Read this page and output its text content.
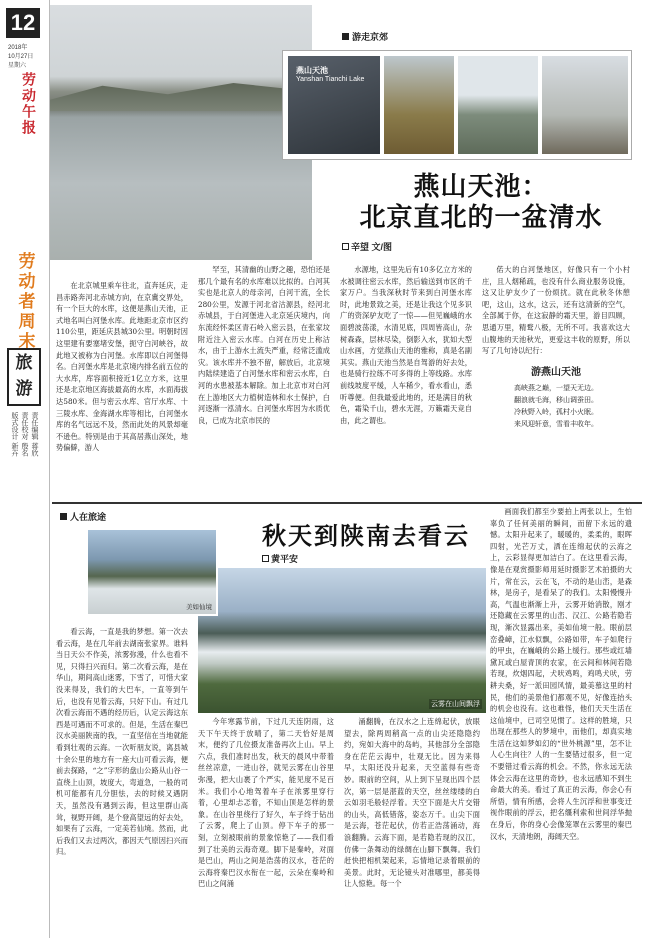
12
2018年
10月27日
星期六
劳动午报
劳动者周末
旅游
版式设计 新卉 责任校对 殷名 责任编辑 蒋欣
游走京郊
燕山天池
Yanshan Tianchi Lake
燕山天池：
北京直北的一盆清水
辛望 文/图

在北京城里乘车往北，直奔延庆，走昌赤路奔河北赤城方向，在京冀交界处，有一个巨大的水库，这便是燕山天池，正式地名叫白河堡水库。此地距北京市区约110公里，距延庆县城30公里。明朝时因这里建有要塞堵安堡，扼守白河峡谷，故此地又被称为白河堡。水库即以白河堡得名。白河堡水库是北京境内排名前五位的大水库，库容面积接近1亿立方米，这里还是北京地区海拔最高的水库，水面海拔达580米。但与密云水库、官厅水库、十三陵水库、金海湖水库等相比，白河堡水库的名气远远不及，然而此处的风景却毫不逊色。特别是由于其高居燕山深处，地势偏僻，游人

罕至，其清幽的山野之趣，恐怕还是那几个最有名的水库难以比拟的。白河其实也是北京人的母亲河，白河干流，全长280公里，发源于河北省沽源县，经河北赤城县，于白河堡进入北京延庆境内，向东流经怀柔区青石岭入密云县，在张家坟附近注入密云水库。白河在历史上称沽水，由于上游水土流失严重，经常泛滥成灾。该水库并不独不留，解放后，北京境内陆续建造了白河堡水库和密云水库，白河的水患被基本解除。加上北京市对白河在上游地区大力植树造林和水土保护，白河逐渐一泓清水。白河堡水库因为水质优良，已成为北京市民的

水源地，这里先后有10多亿立方米的水被调往密云水库，然后输送到市区的千家万户。当我深秋时节来到白河堡水库时，此地景致之美，还是让我这个见多识广的资深驴友吃了一惊——但见巍峨的水面碧波荡漾，水清见底，四周皆高山，杂树森森，层林尽染，倒影入水，犹如大型山水画，方觉燕山天池的雅称，真是名副其实。燕山天池当然是自驾游的好去处，也是骑行拉练不可多得的上等线路。水库前线坡度平缓，人车稀少，看水看山，悉听尊便。但我最爱此地的，还是满目的秋色，霜染千山，碧水无涯，万籁霜天竞自由，此之谓也。

偌大的白河堡地区，好像只有一个小村庄，且人烟稀疏，也没有什么商业服务设施，这又让驴友少了一份烦扰。就在此秋冬休憩吧，这山，这水，这云，还有这清新的空气，全部属于你，在这寂静的霜天里，游目四顾，思通万里，精鹜八极，无所不可。我喜欢这大山腹地的天池秋光，更爱这丰收的原野，所以写了几句诗以纪行：

游燕山天池
高峡燕之巅，一望天无边。
翻浪就毛海，移山调蚕田。
冷秋野入岭，孤村小火眠。
来风迎轩意，雪看丰收年。
人在旅途
秋天到陕南去看云
黄平安
云雾在山间飘浮
美如仙境

看云海，一直是我的梦想。第一次去看云海，是在几年前去湖南张家界。谁料当日天公不作美，浓雾弥漫，什么也看不见，只得扫兴而归。第二次看云海，是在华山，期间高山迷雾，下雪了，可惜大家没来得及，我们的大巴车，一直等到午后，也没有见着云海，只好下山。有过几次看云海而不遇的经历后，认定云海这东西是可遇而不可求的。但是，生活在秦巴汉水美丽陕南的我，一直坚信在当地就能看到壮观的云海。一次听朋友说，离县城十余公里的地方有一座大山可看云海，便前去探路，“之”字形的盘山公路从山谷一直绕上山顶，坡度大，弯道急，一般的司机可能都有几分胆怯，去的时候又遇阴天，虽然没有遇到云海，但这里群山高耸，视野开阔，是个登高望远的好去处，如果有了云海，一定美若仙境。然而，此后我们又去过两次，都因天气原因扫兴而归。

今年寒露节前，下过几天连阴雨，这天下午天终于放晴了，第二天恰好是周末，便约了几位摄友准备再次上山。早上六点，我们准时出发，秋天的晨风中带着丝丝凉意，一进山谷，就见云雾在山谷里弥漫，把大山裹了个严实，能见度不足百米。我们小心地驾着车子在浓雾里穿行着，心里却忐忑着，不知山顶是怎样的景象。在山谷里绕行了好久，车子终于钻出了云雾，爬上了山顶。停下车子的那一刻，立刻被眼前的景象惊艳了——我们看到了壮美的云海奇观。脚下是秦岭，对面是巴山，两山之间是浩荡的汉水，苍茫的云海将秦巴汉水衔在一起，云朵在秦岭和巴山之间涌

涌翻腾，在汉水之上连绵起伏，放眼望去，除两周稍高一点的山尖还隐隐约约，宛如大海中的岛屿，其他部分全部隐身在茫茫云海中，壮观无比。因为来得早，太阳还没升起来，天空蓝得有些奇妙。眼前的空间，从上到下呈现出四个层次，第一层是湛蓝的天空，丝丝缕缕的白云如羽毛般轻浮着。天空下面是大片交错的山头，高低错落，姿态万千。山尖下面是云海，苍茫起伏，仿若正浩荡涌动，海浪翻腾。云海下面，是若隐若现的汉江，仿佛一条舞动的绿绸在山脚下飘舞。我们赶快把相机架起来，忘情地记录着眼前的美景。此时，无论镜头对准哪里，都美得让人惊艳。每一个

画面我们都至少要拍上两张以上，生怕辜负了任何美丽的瞬间，而留下永远的遗憾。太阳升起来了，暖暖的，柔柔的，眼晖四射，光芒万丈，洒在连绵起伏的云海之上，云彩显得更加洁白了。在这里看云海，像是在观赏摄影师用延时摄影艺术拍摄的大片，常在云，云在飞，不动的是山峦，是森林，是房子，是看呆了的我们。太阳慢慢升高，气温也渐渐上升，云雾开始消散，刚才还隐藏在云雾里的山峦、汉江、公路若隐若现，渐次显露出来，美如仙境一般。眼前层峦叠嶂，江水似飘，公路如带，车子如爬行的甲虫，在巍峨的公路上缓行。那些或红墙黛瓦或白屋青顶的农家，在云间和林间若隐若现，炊烟四起，犬吠鸡鸣，鸡鸣犬吠，劳耕夫桑，好一派田园风情，最美慕这里的村民，他们的美景他们都观不见，好像连抬头的机会也没有。这也难怪，他们天天生活在这仙境中，已司空见惯了。这样的胜境，只出现在那些人的梦境中，而他们，却真实地生活在这如梦如幻的“世外桃源”里，怎不让人心生向往？人的一生要错过很多，但一定不要错过看云海的机会。不然，你永远无法体会云海在这里的奇妙，也永远感知不到生命最大的美。看过了真正的云海，你会心有所悟，情有所感，会将人生沉浮和世事变迁视作眼前的浮云，把名缰利索和世间浮华抛在身后，你的身心会像笼罩在云雾里的秦巴汉水，天清地朗，海阔天空。
